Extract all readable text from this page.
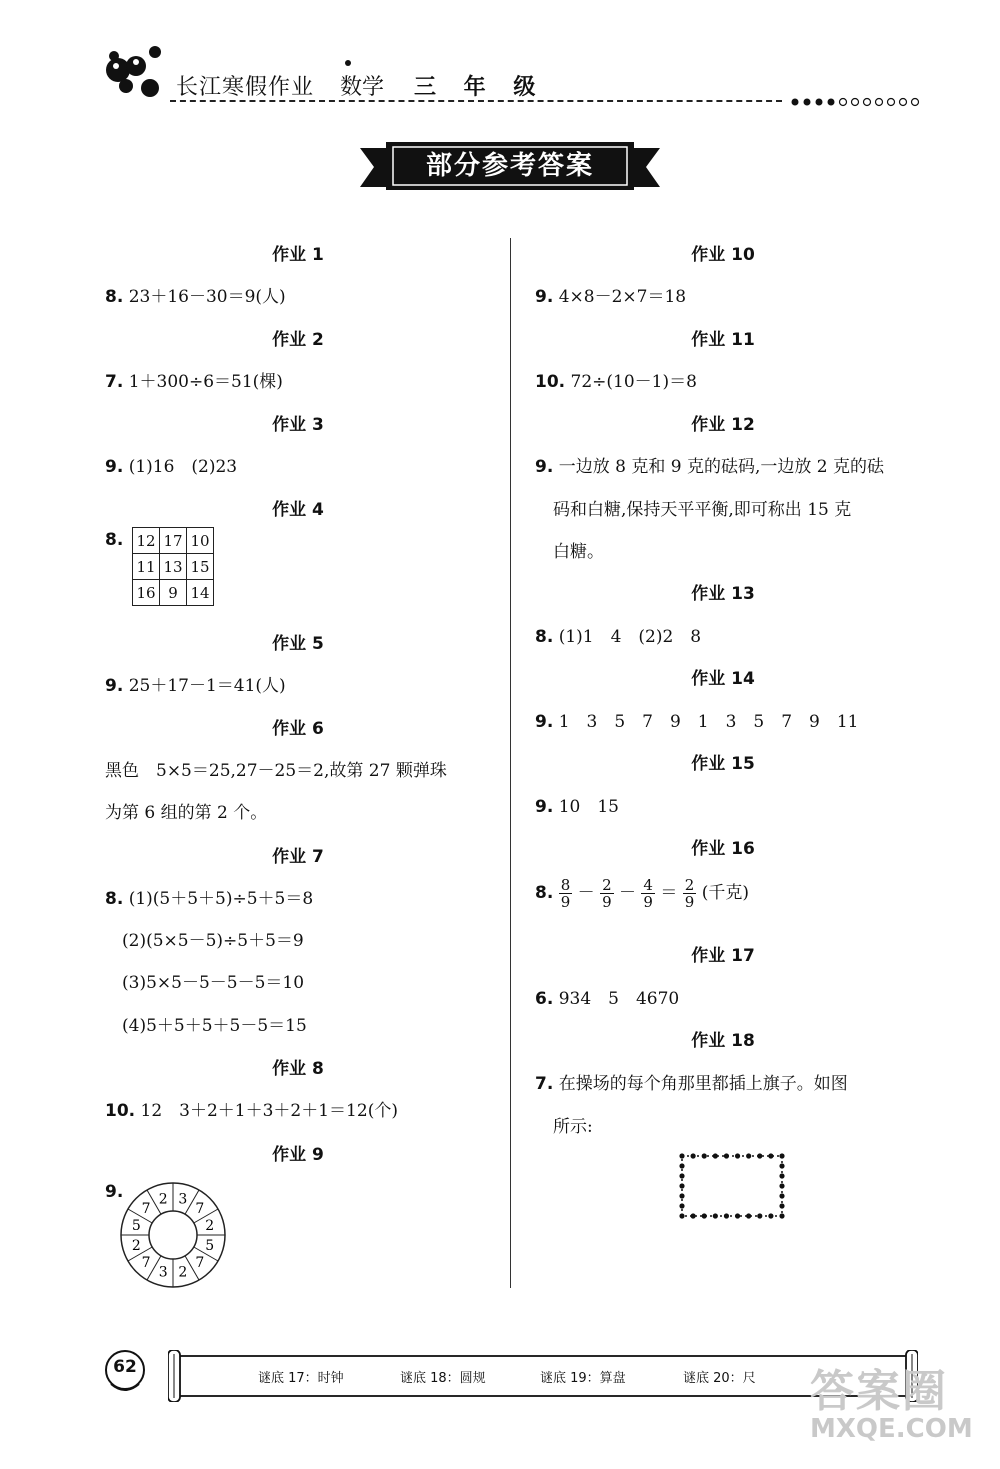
长江寒假作业 数学 三 年 级
部分参考答案
作业 1
8. 23＋16－30＝9(人)
作业 2
7. 1＋300÷6＝51(棵)
作业 3
9. (1)16　(2)23
作业 4
8. 12	17	10
11	13	15
16	9	14
作业 5
9. 25＋17－1＝41(人)
作业 6
黑色　5×5＝25,27－25＝2,故第 27 颗弹珠
为第 6 组的第 2 个。
作业 7
8. (1)(5＋5＋5)÷5＋5＝8
(2)(5×5－5)÷5＋5＝9
(3)5×5－5－5－5＝10
(4)5＋5＋5＋5－5＝15
作业 8
10. 12　3＋2＋1＋3＋2＋1＝12(个)
作业 9
9.	3
7
2
5
7
2
3
7
2
5
7
2
作业 10
9. 4×8－2×7＝18
作业 11
10. 72÷(10－1)＝8
作业 12
9. 一边放 8 克和 9 克的砝码,一边放 2 克的砝
码和白糖,保持天平平衡,即可称出 15 克
白糖。
作业 13
8. (1)1　4　(2)2　8
作业 14
9. 1　3　5　7　9　1　3　5　7　9　11
作业 15
9. 10　15
作业 16
8. $\frac{8}{9} - \frac{2}{9} - \frac{4}{9} = \frac{2}{9}$ (千克)
作业 17
6. 934　5　4670
作业 18
7. 在操场的每个角那里都插上旗子。如图
所示:
62
谜底 17：时钟	谜底 18：圆规	谜底 19：算盘	谜底 20：尺 答案圈
MXQE.COM
